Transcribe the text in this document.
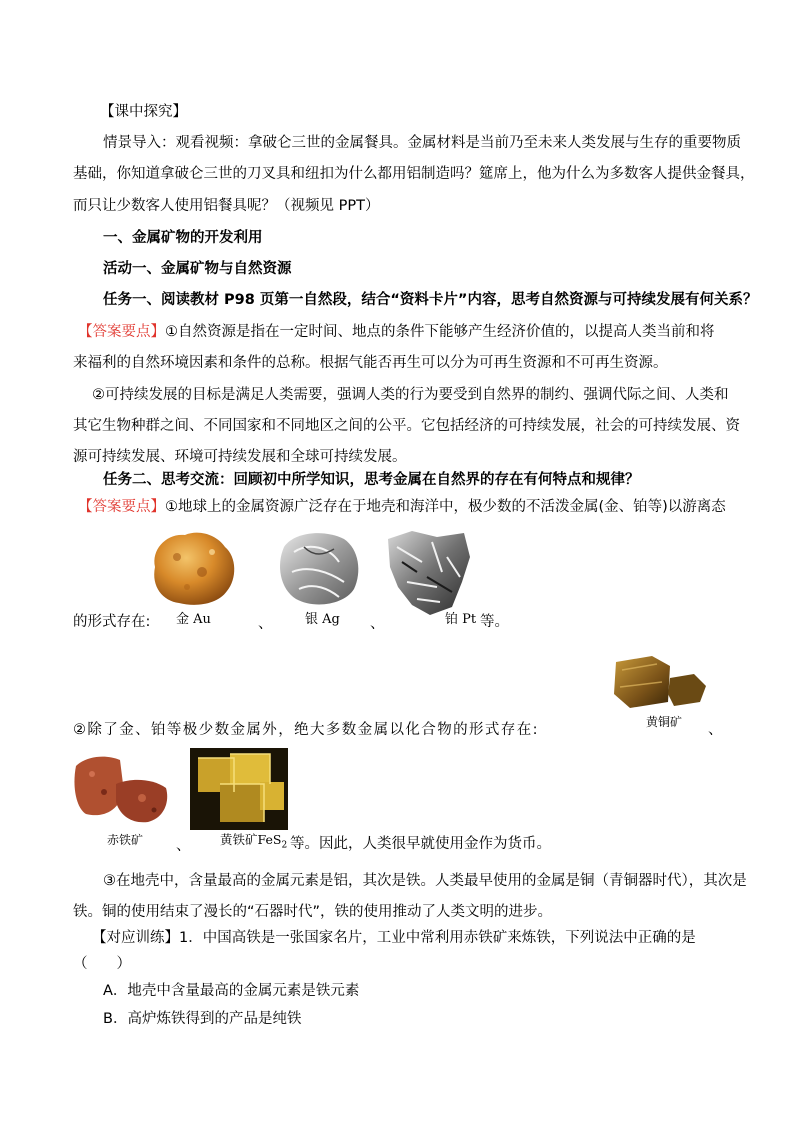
【课中探究】
情景导入：观看视频：拿破仑三世的金属餐具。金属材料是当前乃至未来人类发展与生存的重要物质
基础，你知道拿破仑三世的刀叉具和纽扣为什么都用铝制造吗？筵席上，他为什么为多数客人提供金餐具，
而只让少数客人使用铝餐具呢？（视频见 PPT）
一、金属矿物的开发利用
活动一、金属矿物与自然资源
任务一、阅读教材 P98 页第一自然段，结合“资料卡片”内容，思考自然资源与可持续发展有何关系？
【答案要点】①自然资源是指在一定时间、地点的条件下能够产生经济价值的，以提高人类当前和将
来福利的自然环境因素和条件的总称。根据气能否再生可以分为可再生资源和不可再生资源。
②可持续发展的目标是满足人类需要，强调人类的行为要受到自然界的制约、强调代际之间、人类和
其它生物种群之间、不同国家和不同地区之间的公平。它包括经济的可持续发展，社会的可持续发展、资
源可持续发展、环境可持续发展和全球可持续发展。
任务二、思考交流：回顾初中所学知识，思考金属在自然界的存在有何特点和规律？
【答案要点】①地球上的金属资源广泛存在于地壳和海洋中，极少数的不活泼金属(金、铂等)以游离态
的形式存在: 金 Au	、	银 Ag 、	铂 Pt 等。
黄铜矿
②除了金、铂等极少数金属外，绝大多数金属以化合物的形式存在:	、
赤铁矿 、 黄铁矿FeS$_2$ 等。因此，人类很早就使用金作为货币。
③在地壳中，含量最高的金属元素是铝，其次是铁。人类最早使用的金属是铜（青铜器时代），其次是
铁。铜的使用结束了漫长的“石器时代”，铁的使用推动了人类文明的进步。
【对应训练】1．中国高铁是一张国家名片，工业中常利用赤铁矿来炼铁，下列说法中正确的是
（　　）
A．地壳中含量最高的金属元素是铁元素
B．高炉炼铁得到的产品是纯铁
